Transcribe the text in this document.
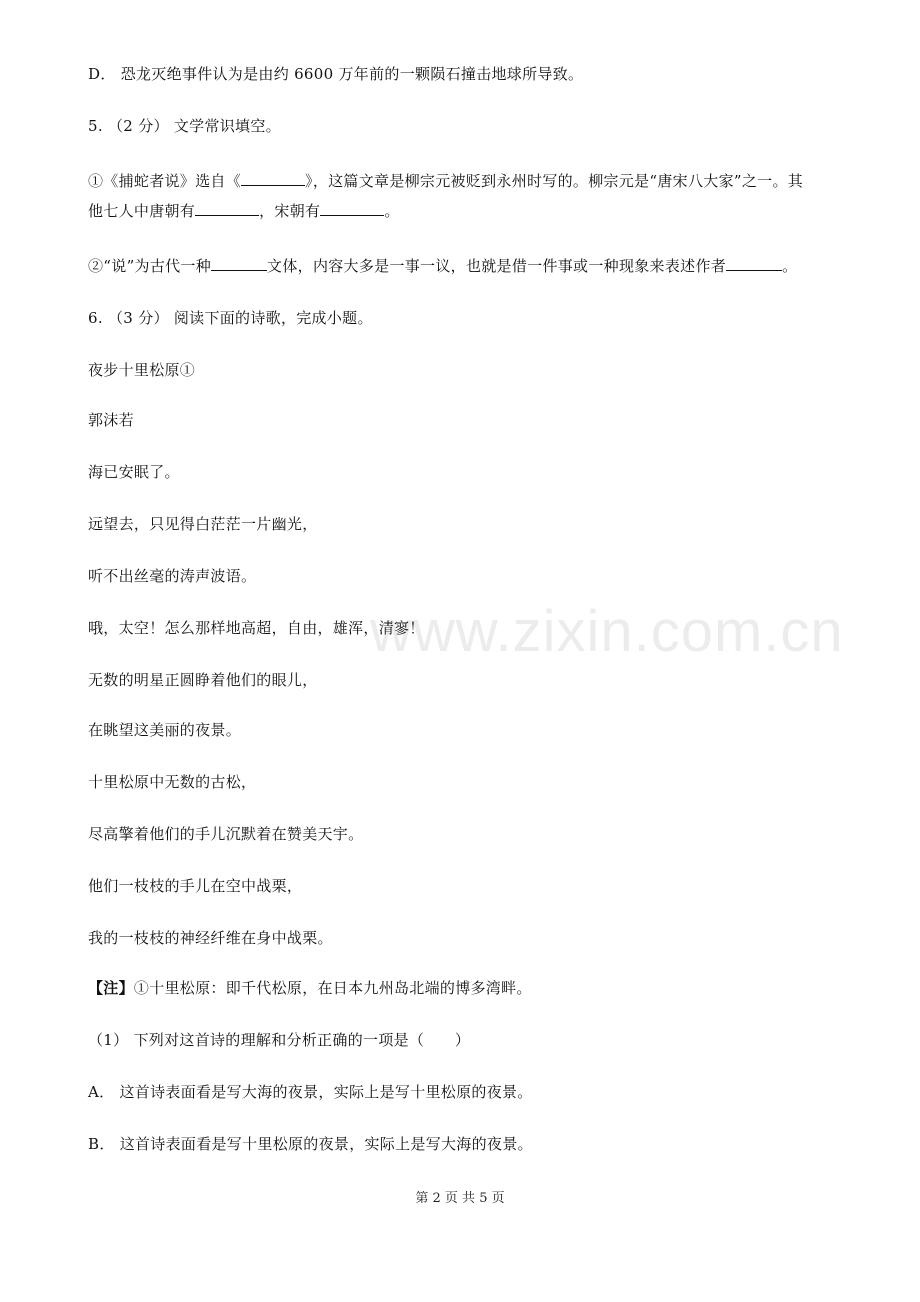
www.zixin.com.cn
D． 恐龙灭绝事件认为是由约 6600 万年前的一颗陨石撞击地球所导致。
5. （2 分） 文学常识填空。
①《捕蛇者说》选自《	》，这篇文章是柳宗元被贬到永州时写的。柳宗元是“唐宋八大家”之一。其
他七人中唐朝有	，宋朝有	。
②“说”为古代一种	文体，内容大多是一事一议，也就是借一件事或一种现象来表述作者	。
6. （3 分） 阅读下面的诗歌，完成小题。
夜步十里松原①
郭沫若
海已安眠了。
远望去，只见得白茫茫一片幽光，
听不出丝毫的涛声波语。
哦，太空！怎么那样地高超，自由，雄浑，清寥！
无数的明星正圆睁着他们的眼儿，
在眺望这美丽的夜景。
十里松原中无数的古松，
尽高擎着他们的手儿沉默着在赞美天宇。
他们一枝枝的手儿在空中战栗，
我的一枝枝的神经纤维在身中战栗。
【注】①十里松原：即千代松原，在日本九州岛北端的博多湾畔。
（1） 下列对这首诗的理解和分析正确的一项是（　　）
A． 这首诗表面看是写大海的夜景，实际上是写十里松原的夜景。
B． 这首诗表面看是写十里松原的夜景，实际上是写大海的夜景。
第 2 页 共 5 页
